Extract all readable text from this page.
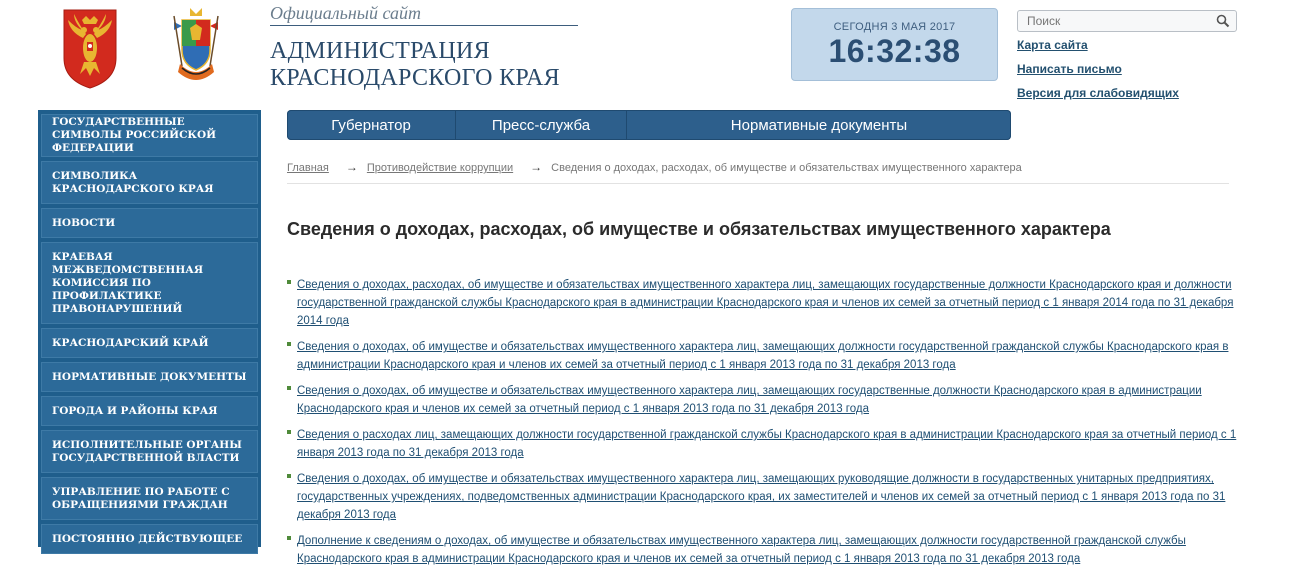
Официальный сайт
АДМИНИСТРАЦИЯ
КРАСНОДАРСКОГО КРАЯ
СЕГОДНЯ 3 МАЯ 2017
16:32:38
Поиск	Карта сайта
Написать письмо
Версия для слабовидящих
ГОСУДАРСТВЕННЫЕ СИМВОЛЫ РОССИЙСКОЙ ФЕДЕРАЦИИ
СИМВОЛИКА КРАСНОДАРСКОГО КРАЯ
НОВОСТИ
КРАЕВАЯ МЕЖВЕДОМСТВЕННАЯ КОМИССИЯ ПО ПРОФИЛАКТИКЕ ПРАВОНАРУШЕНИЙ
КРАСНОДАРСКИЙ КРАЙ
НОРМАТИВНЫЕ ДОКУМЕНТЫ
ГОРОДА И РАЙОНЫ КРАЯ
ИСПОЛНИТЕЛЬНЫЕ ОРГАНЫ ГОСУДАРСТВЕННОЙ ВЛАСТИ
УПРАВЛЕНИЕ ПО РАБОТЕ С ОБРАЩЕНИЯМИ ГРАЖДАН
ПОСТОЯННО ДЕЙСТВУЮЩЕЕ
Губернатор	Пресс-служба	Нормативные документы
Главная → Противодействие коррупции → Сведения о доходах, расходах, об имуществе и обязательствах имущественного характера
Сведения о доходах, расходах, об имуществе и обязательствах имущественного характера
Сведения о доходах, расходах, об имуществе и обязательствах имущественного характера лиц, замещающих государственные должности Краснодарского края и должности государственной гражданской службы Краснодарского края в администрации Краснодарского края и членов их семей за отчетный период с 1 января 2014 года по 31 декабря 2014 года
Сведения о доходах, об имуществе и обязательствах имущественного характера лиц, замещающих должности государственной гражданской службы Краснодарского края в администрации Краснодарского края и членов их семей за отчетный период с 1 января 2013 года по 31 декабря 2013 года
Сведения о доходах, об имуществе и обязательствах имущественного характера лиц, замещающих государственные должности Краснодарского края в администрации Краснодарского края и членов их семей за отчетный период с 1 января 2013 года по 31 декабря 2013 года
Сведения о расходах лиц, замещающих должности государственной гражданской службы Краснодарского края в администрации Краснодарского края за отчетный период с 1 января 2013 года по 31 декабря 2013 года
Сведения о доходах, об имуществе и обязательствах имущественного характера лиц, замещающих руководящие должности в государственных унитарных предприятиях, государственных учреждениях, подведомственных администрации Краснодарского края, их заместителей и членов их семей за отчетный период с 1 января 2013 года по 31 декабря 2013 года
Дополнение к сведениям о доходах, об имуществе и обязательствах имущественного характера лиц, замещающих должности государственной гражданской службы Краснодарского края в администрации Краснодарского края и членов их семей за отчетный период с 1 января 2013 года по 31 декабря 2013 года
